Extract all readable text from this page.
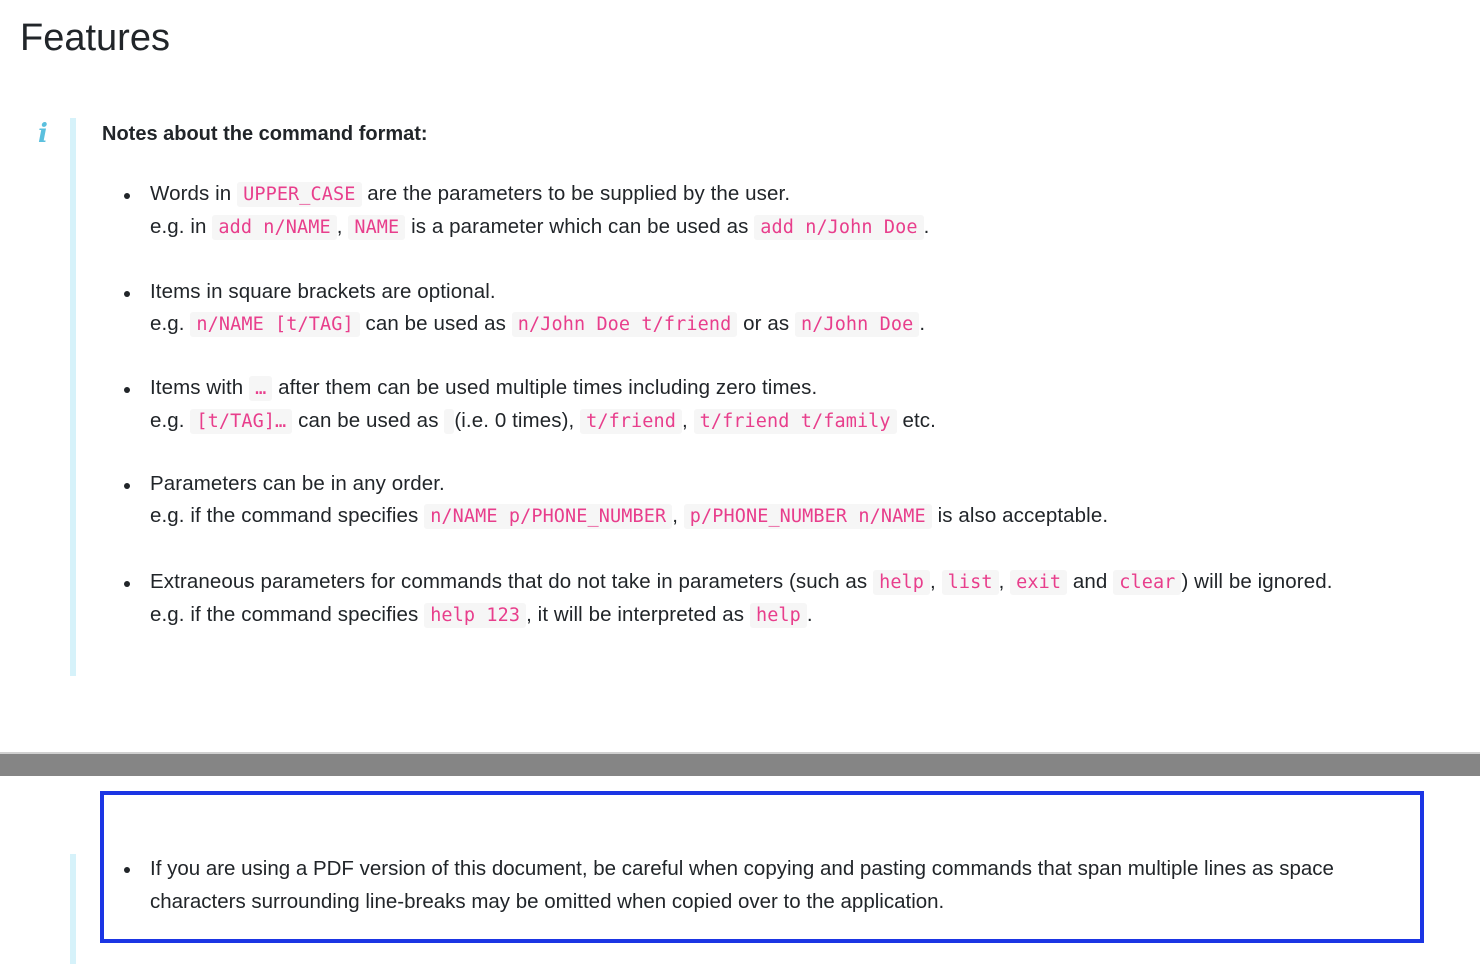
Features
i	Notes about the command format:
Words in UPPER_CASE are the parameters to be supplied by the user.
e.g. in add n/NAME , NAME is a parameter which can be used as add n/John Doe .
Items in square brackets are optional.
e.g. n/NAME [t/TAG] can be used as n/John Doe t/friend or as n/John Doe .
Items with … after them can be used multiple times including zero times.
e.g. [t/TAG]… can be used as (i.e. 0 times), t/friend , t/friend t/family etc.
Parameters can be in any order.
e.g. if the command specifies n/NAME p/PHONE_NUMBER , p/PHONE_NUMBER n/NAME is also acceptable.
Extraneous parameters for commands that do not take in parameters (such as help , list , exit and clear ) will be ignored.
e.g. if the command specifies help 123 , it will be interpreted as help .
If you are using a PDF version of this document, be careful when copying and pasting commands that span multiple lines as space characters surrounding line-breaks may be omitted when copied over to the application.
